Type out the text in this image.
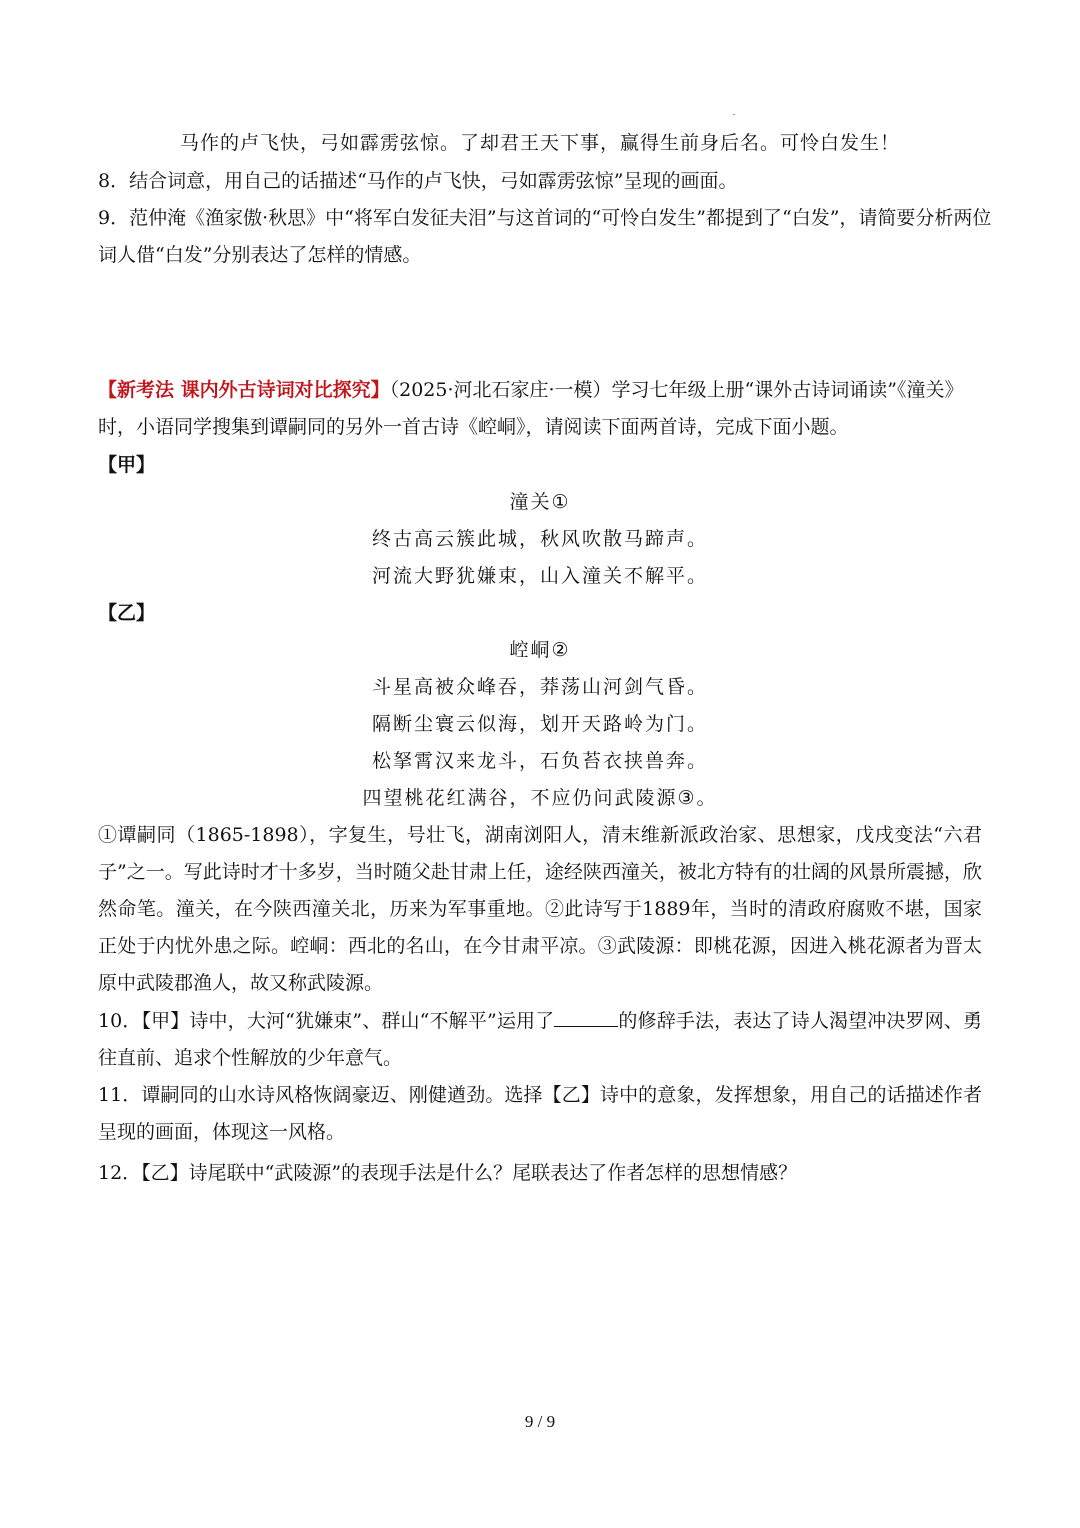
马作的卢飞快，弓如霹雳弦惊。了却君王天下事，赢得生前身后名。可怜白发生！
8．结合词意，用自己的话描述“马作的卢飞快，弓如霹雳弦惊”呈现的画面。
9．范仲淹《渔家傲·秋思》中“将军白发征夫泪”与这首词的“可怜白发生”都提到了“白发”，请简要分析两位
词人借“白发”分别表达了怎样的情感。
【新考法 课内外古诗词对比探究】（2025·河北石家庄·一模）学习七年级上册“课外古诗词诵读”《潼关》
时，小语同学搜集到谭嗣同的另外一首古诗《崆峒》，请阅读下面两首诗，完成下面小题。
【甲】
潼关①
终古高云簇此城，秋风吹散马蹄声。
河流大野犹嫌束，山入潼关不解平。
【乙】
崆峒②
斗星高被众峰吞，莽荡山河剑气昏。
隔断尘寰云似海，划开天路岭为门。
松拏霄汉来龙斗，石负苔衣挟兽奔。
四望桃花红满谷，不应仍问武陵源③。
①谭嗣同（1865-1898），字复生，号壮飞，湖南浏阳人，清末维新派政治家、思想家，戊戌变法“六君子”之一。写此诗时才十多岁，当时随父赴甘肃上任，途经陕西潼关，被北方特有的壮阔的风景所震撼，欣然命笔。潼关，在今陕西潼关北，历来为军事重地。②此诗写于1889年，当时的清政府腐败不堪，国家正处于内忧外患之际。崆峒：西北的名山，在今甘肃平凉。③武陵源：即桃花源，因进入桃花源者为晋太原中武陵郡渔人，故又称武陵源。
10．【甲】诗中，大河“犹嫌束”、群山“不解平”运用了	的修辞手法，表达了诗人渴望冲决罗网、勇往直前、追求个性解放的少年意气。
11．谭嗣同的山水诗风格恢阔豪迈、刚健遒劲。选择【乙】诗中的意象，发挥想象，用自己的话描述作者呈现的画面，体现这一风格。
12．【乙】诗尾联中“武陵源”的表现手法是什么？尾联表达了作者怎样的思想情感？
9 / 9
